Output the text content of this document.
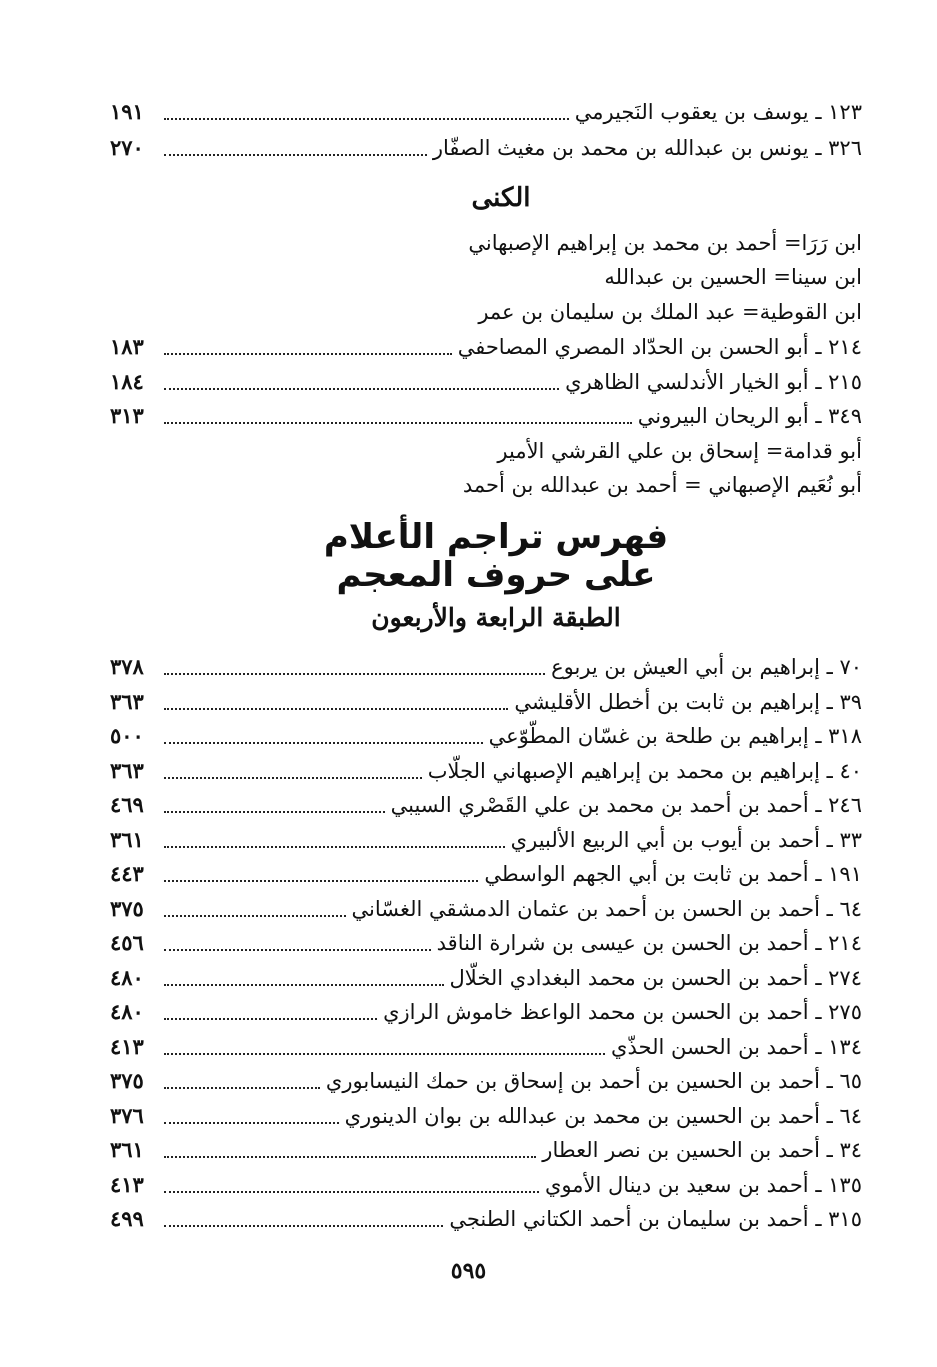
١٢٣ ـ يوسف بن يعقوب النَجيرمي
١٩١
٣٢٦ ـ يونس بن عبدالله بن محمد بن مغيث الصفّار
٢٧٠
الكنى
ابن رَرَا= أحمد بن محمد بن إبراهيم الإصبهاني
ابن سينا= الحسين بن عبدالله
ابن القوطية= عبد الملك بن سليمان بن عمر
٢١٤ ـ أبو الحسن بن الحدّاد المصري المصاحفي
١٨٣
٢١٥ ـ أبو الخيار الأندلسي الظاهري
١٨٤
٣٤٩ ـ أبو الريحان البيروني
٣١٣
أبو قدامة= إسحاق بن علي القرشي الأمير
أبو نُعَيم الإصبهاني = أحمد بن عبدالله بن أحمد
فهرس تراجم الأعلام
على حروف المعجم
الطبقة الرابعة والأربعون
٧٠ ـ إبراهيم بن أبي العيش بن يربوع
٣٧٨
٣٩ ـ إبراهيم بن ثابت بن أخطل الأقليشي
٣٦٣
٣١٨ ـ إبراهيم بن طلحة بن غسّان المطّوّعي
٥٠٠
٤٠ ـ إبراهيم بن محمد بن إبراهيم الإصبهاني الجلّاب
٣٦٣
٢٤٦ ـ أحمد بن أحمد بن محمد بن علي القَصْري السيبي
٤٦٩
٣٣ ـ أحمد بن أيوب بن أبي الربيع الألبيري
٣٦١
١٩١ ـ أحمد بن ثابت بن أبي الجهم الواسطي
٤٤٣
٦٤ ـ أحمد بن الحسن بن أحمد بن عثمان الدمشقي الغسّاني
٣٧٥
٢١٤ ـ أحمد بن الحسن بن عيسى بن شرارة الناقد
٤٥٦
٢٧٤ ـ أحمد بن الحسن بن محمد البغدادي الخلّال
٤٨٠
٢٧٥ ـ أحمد بن الحسن بن محمد الواعظ خاموش الرازي
٤٨٠
١٣٤ ـ أحمد بن الحسن الحذّي
٤١٣
٦٥ ـ أحمد بن الحسين بن أحمد بن إسحاق بن حمك النيسابوري
٣٧٥
٦٤ ـ أحمد بن الحسين بن محمد بن عبدالله بن بوان الدينوري
٣٧٦
٣٤ ـ أحمد بن الحسين بن نصر العطار
٣٦١
١٣٥ ـ أحمد بن سعيد بن دينال الأموي
٤١٣
٣١٥ ـ أحمد بن سليمان بن أحمد الكتاني الطنجي
٤٩٩
٥٩٥
